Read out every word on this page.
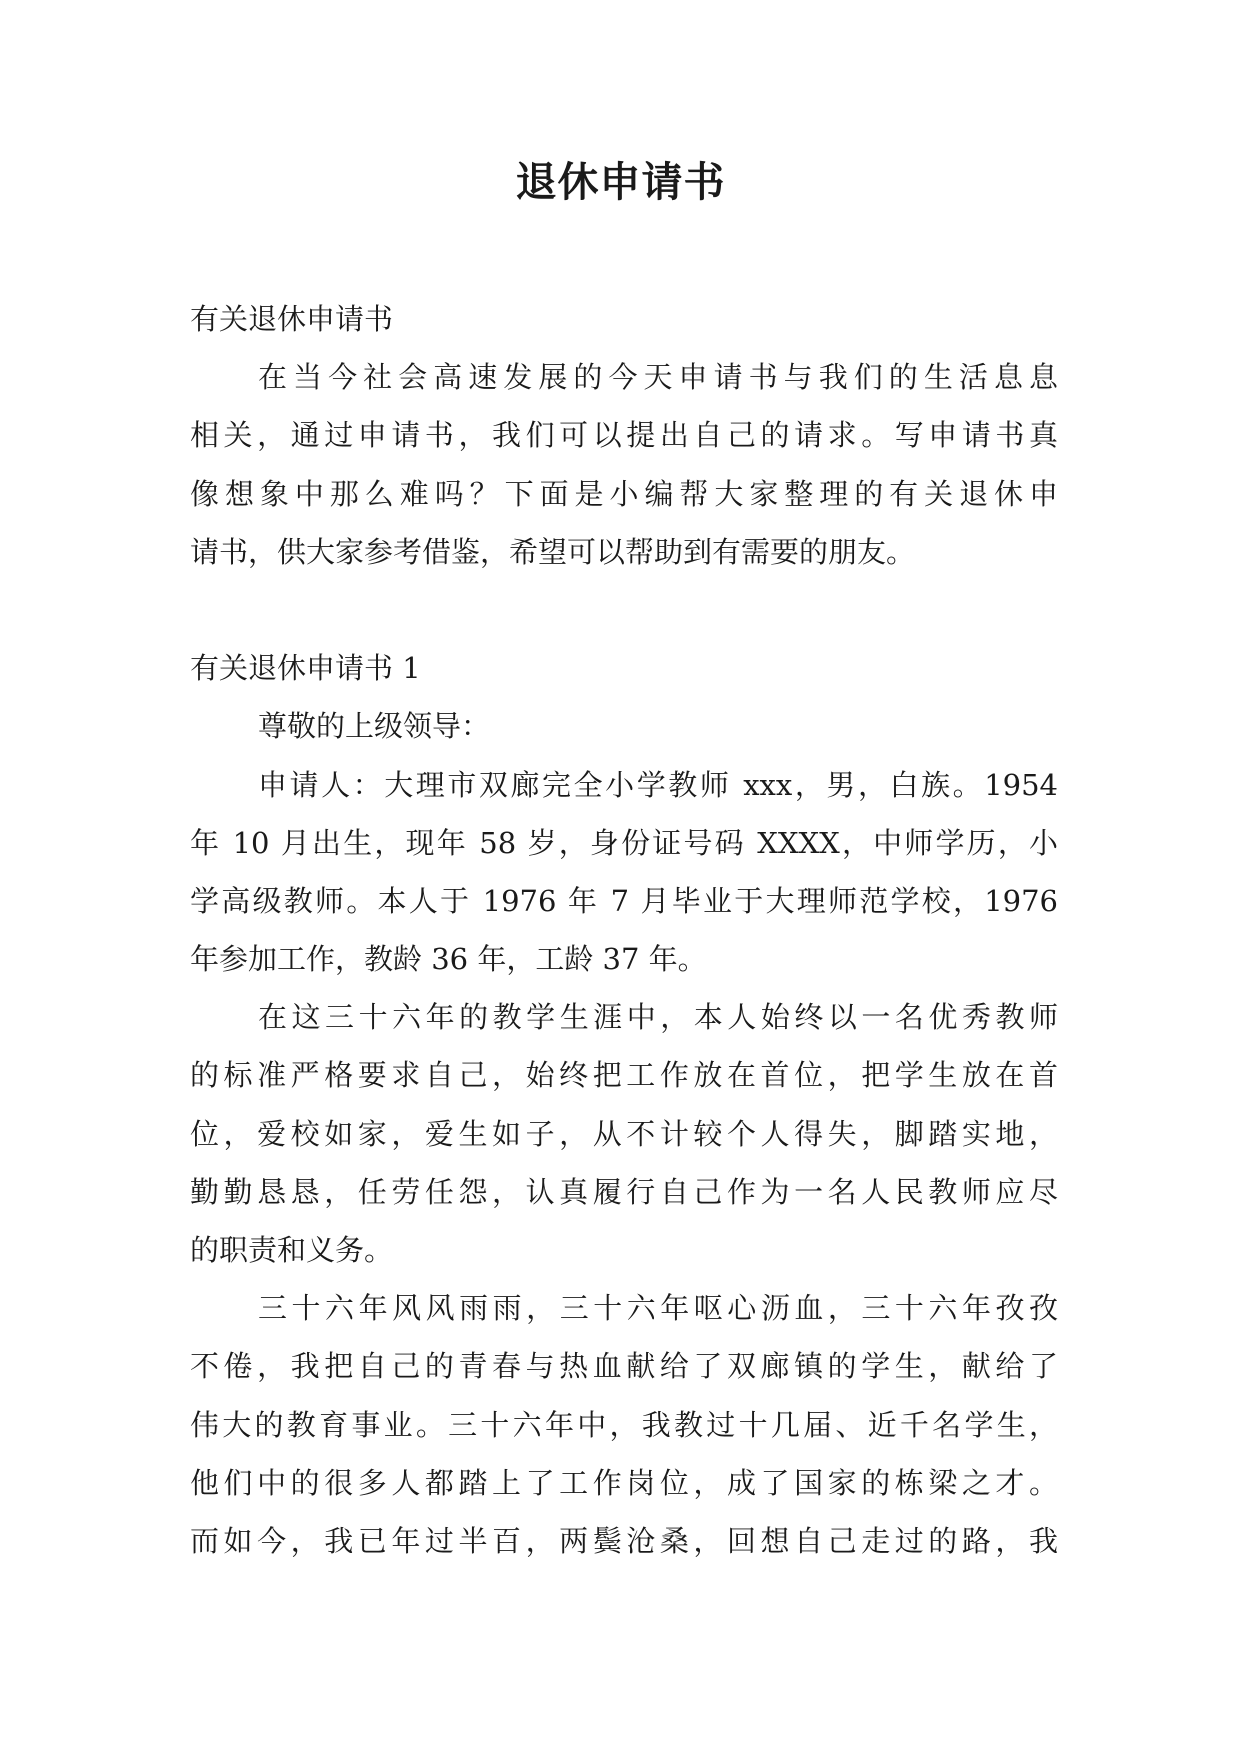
退休申请书
有关退休申请书
在当今社会高速发展的今天申请书与我们的生活息息
相关，通过申请书，我们可以提出自己的请求。写申请书真
像想象中那么难吗？下面是小编帮大家整理的有关退休申
请书，供大家参考借鉴，希望可以帮助到有需要的朋友。
有关退休申请书 1
尊敬的上级领导：
申请人：大理市双廊完全小学教师 xxx，男，白族。1954
年 10 月出生，现年 58 岁，身份证号码 XXXX，中师学历，小
学高级教师。本人于 1976 年 7 月毕业于大理师范学校，1976
年参加工作，教龄 36 年，工龄 37 年。
在这三十六年的教学生涯中，本人始终以一名优秀教师
的标准严格要求自己，始终把工作放在首位，把学生放在首
位，爱校如家，爱生如子，从不计较个人得失，脚踏实地，
勤勤恳恳，任劳任怨，认真履行自己作为一名人民教师应尽
的职责和义务。
三十六年风风雨雨，三十六年呕心沥血，三十六年孜孜
不倦，我把自己的青春与热血献给了双廊镇的学生，献给了
伟大的教育事业。三十六年中，我教过十几届、近千名学生，
他们中的很多人都踏上了工作岗位，成了国家的栋梁之才。
而如今，我已年过半百，两鬓沧桑，回想自己走过的路，我
